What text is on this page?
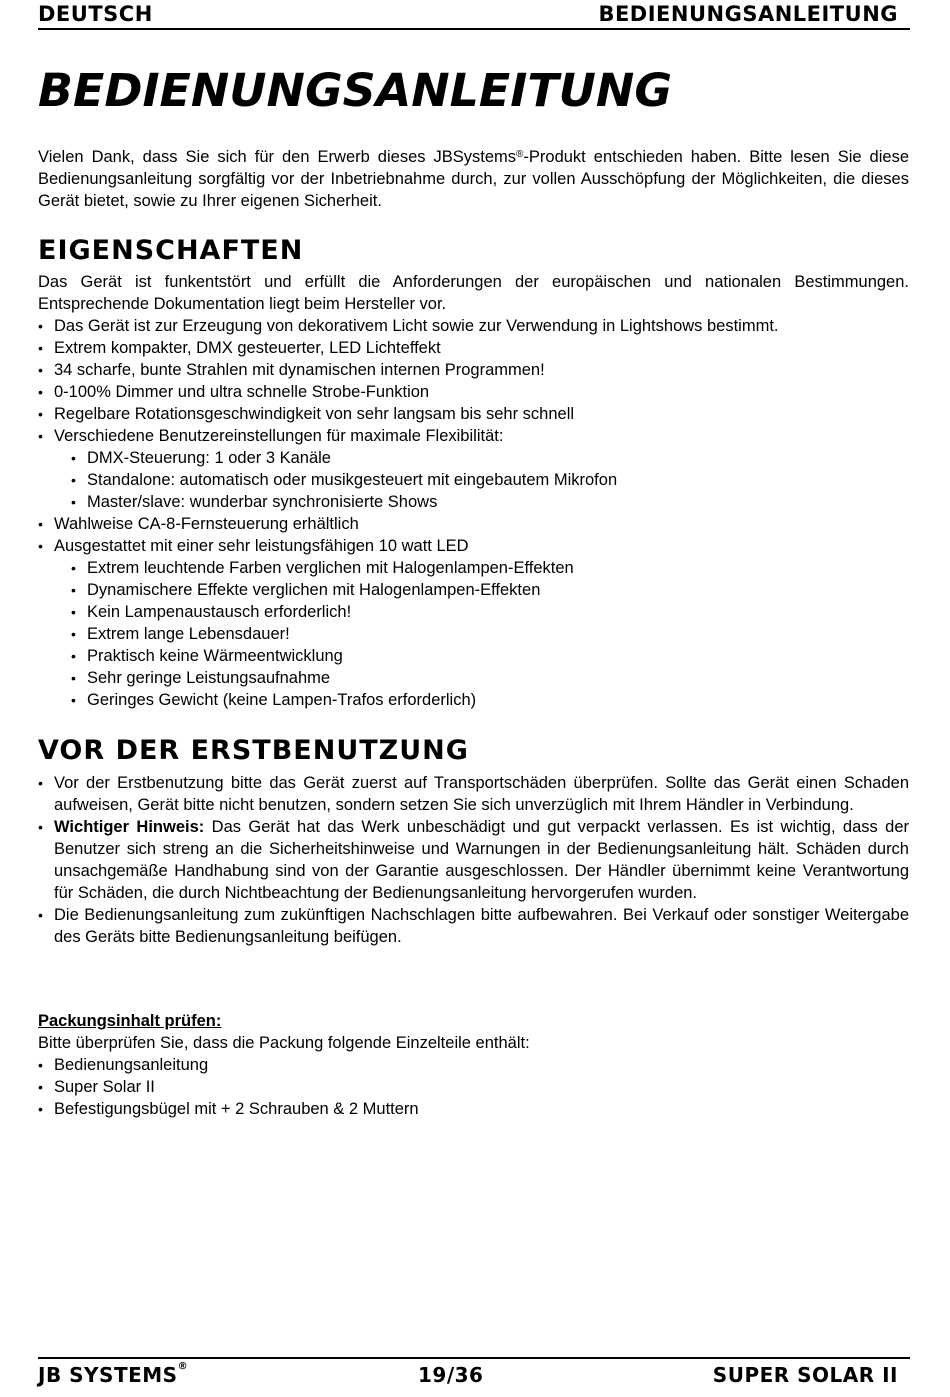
DEUTSCH	BEDIENUNGSANLEITUNG
BEDIENUNGSANLEITUNG
Vielen Dank, dass Sie sich für den Erwerb dieses JBSystems®-Produkt entschieden haben. Bitte lesen Sie diese Bedienungsanleitung sorgfältig vor der Inbetriebnahme durch, zur vollen Ausschöpfung der Möglichkeiten, die dieses Gerät bietet, sowie zu Ihrer eigenen Sicherheit.
EIGENSCHAFTEN
Das Gerät ist funkentstört und erfüllt die Anforderungen der europäischen und nationalen Bestimmungen. Entsprechende Dokumentation liegt beim Hersteller vor.
• Das Gerät ist zur Erzeugung von dekorativem Licht sowie zur Verwendung in Lightshows bestimmt.
• Extrem kompakter, DMX gesteuerter, LED Lichteffekt
• 34 scharfe, bunte Strahlen mit dynamischen internen Programmen!
• 0-100% Dimmer und ultra schnelle Strobe-Funktion
• Regelbare Rotationsgeschwindigkeit von sehr langsam bis sehr schnell
• Verschiedene Benutzereinstellungen für maximale Flexibilität:
• DMX-Steuerung: 1 oder 3 Kanäle
• Standalone: automatisch oder musikgesteuert mit eingebautem Mikrofon
• Master/slave: wunderbar synchronisierte Shows
• Wahlweise CA-8-Fernsteuerung erhältlich
• Ausgestattet mit einer sehr leistungsfähigen 10 watt LED
• Extrem leuchtende Farben verglichen mit Halogenlampen-Effekten
• Dynamischere Effekte verglichen mit Halogenlampen-Effekten
• Kein Lampenaustausch erforderlich!
• Extrem lange Lebensdauer!
• Praktisch keine Wärmeentwicklung
• Sehr geringe Leistungsaufnahme
• Geringes Gewicht (keine Lampen-Trafos erforderlich)
VOR DER ERSTBENUTZUNG
• Vor der Erstbenutzung bitte das Gerät zuerst auf Transportschäden überprüfen. Sollte das Gerät einen Schaden aufweisen, Gerät bitte nicht benutzen, sondern setzen Sie sich unverzüglich mit Ihrem Händler in Verbindung.
• Wichtiger Hinweis: Das Gerät hat das Werk unbeschädigt und gut verpackt verlassen. Es ist wichtig, dass der Benutzer sich streng an die Sicherheitshinweise und Warnungen in der Bedienungsanleitung hält. Schäden durch unsachgemäße Handhabung sind von der Garantie ausgeschlossen. Der Händler übernimmt keine Verantwortung für Schäden, die durch Nichtbeachtung der Bedienungsanleitung hervorgerufen wurden.
• Die Bedienungsanleitung zum zukünftigen Nachschlagen bitte aufbewahren. Bei Verkauf oder sonstiger Weitergabe des Geräts bitte Bedienungsanleitung beifügen.
Packungsinhalt prüfen:
Bitte überprüfen Sie, dass die Packung folgende Einzelteile enthält:
• Bedienungsanleitung
• Super Solar II
• Befestigungsbügel mit + 2 Schrauben & 2 Muttern
JB SYSTEMS®	19/36	SUPER SOLAR II
